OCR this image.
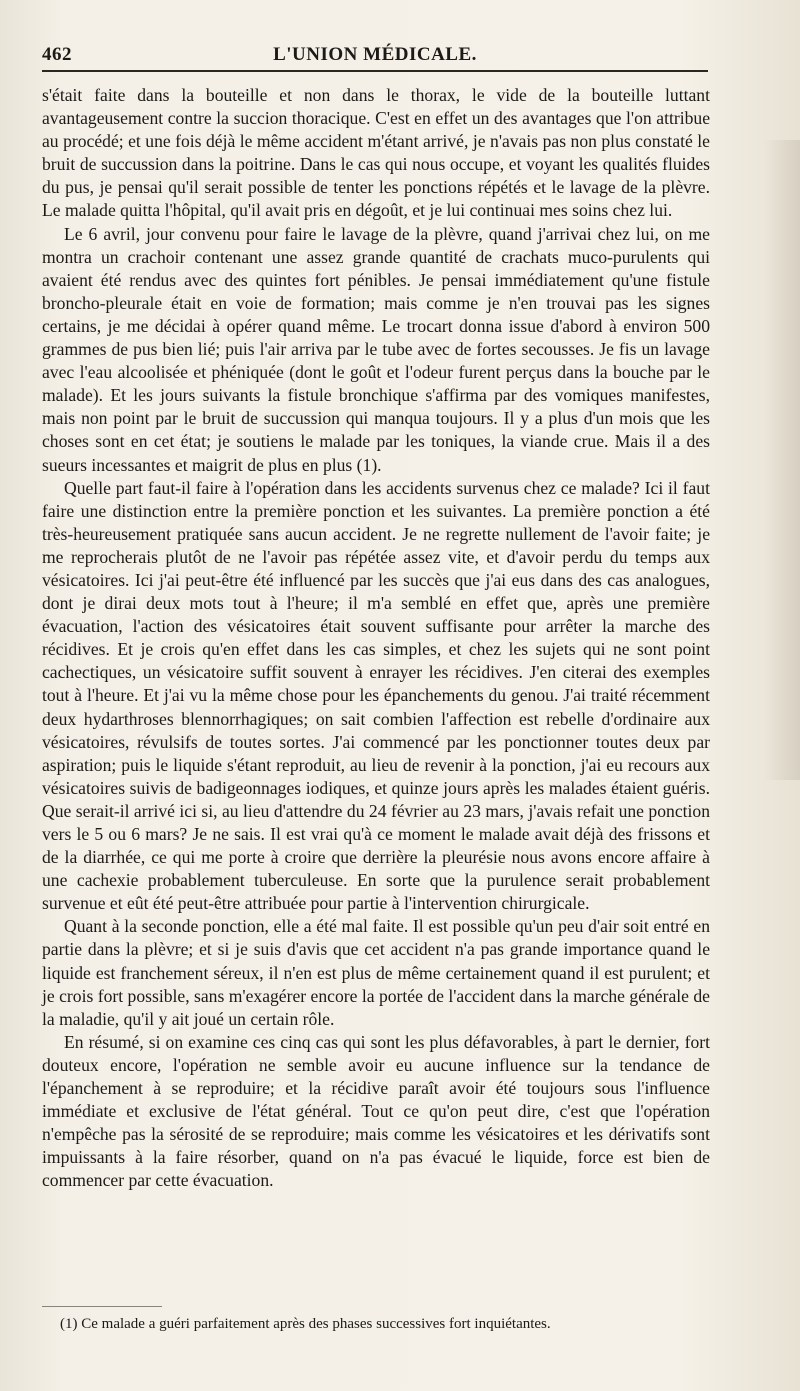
462	L'UNION MÉDICALE.

s'était faite dans la bouteille et non dans le thorax, le vide de la bouteille luttant avantageusement contre la succion thoracique. C'est en effet un des avantages que l'on attribue au procédé; et une fois déjà le même accident m'étant arrivé, je n'avais pas non plus constaté le bruit de succussion dans la poitrine. Dans le cas qui nous occupe, et voyant les qualités fluides du pus, je pensai qu'il serait possible de tenter les ponctions répétés et le lavage de la plèvre. Le malade quitta l'hôpital, qu'il avait pris en dégoût, et je lui continuai mes soins chez lui.

Le 6 avril, jour convenu pour faire le lavage de la plèvre, quand j'arrivai chez lui, on me montra un crachoir contenant une assez grande quantité de crachats muco-purulents qui avaient été rendus avec des quintes fort pénibles. Je pensai immédiatement qu'une fistule broncho-pleurale était en voie de formation; mais comme je n'en trouvai pas les signes certains, je me décidai à opérer quand même. Le trocart donna issue d'abord à environ 500 grammes de pus bien lié; puis l'air arriva par le tube avec de fortes secousses. Je fis un lavage avec l'eau alcoolisée et phéniquée (dont le goût et l'odeur furent perçus dans la bouche par le malade). Et les jours suivants la fistule bronchique s'affirma par des vomiques manifestes, mais non point par le bruit de succussion qui manqua toujours. Il y a plus d'un mois que les choses sont en cet état; je soutiens le malade par les toniques, la viande crue. Mais il a des sueurs incessantes et maigrit de plus en plus (1).

Quelle part faut-il faire à l'opération dans les accidents survenus chez ce malade? Ici il faut faire une distinction entre la première ponction et les suivantes. La première ponction a été très-heureusement pratiquée sans aucun accident. Je ne regrette nullement de l'avoir faite; je me reprocherais plutôt de ne l'avoir pas répétée assez vite, et d'avoir perdu du temps aux vésicatoires. Ici j'ai peut-être été influencé par les succès que j'ai eus dans des cas analogues, dont je dirai deux mots tout à l'heure; il m'a semblé en effet que, après une première évacuation, l'action des vésicatoires était souvent suffisante pour arrêter la marche des récidives. Et je crois qu'en effet dans les cas simples, et chez les sujets qui ne sont point cachectiques, un vésicatoire suffit souvent à enrayer les récidives. J'en citerai des exemples tout à l'heure. Et j'ai vu la même chose pour les épanchements du genou. J'ai traité récemment deux hydarthroses blennorrhagiques; on sait combien l'affection est rebelle d'ordinaire aux vésicatoires, révulsifs de toutes sortes. J'ai commencé par les ponctionner toutes deux par aspiration; puis le liquide s'étant reproduit, au lieu de revenir à la ponction, j'ai eu recours aux vésicatoires suivis de badigeonnages iodiques, et quinze jours après les malades étaient guéris. Que serait-il arrivé ici si, au lieu d'attendre du 24 février au 23 mars, j'avais refait une ponction vers le 5 ou 6 mars? Je ne sais. Il est vrai qu'à ce moment le malade avait déjà des frissons et de la diarrhée, ce qui me porte à croire que derrière la pleurésie nous avons encore affaire à une cachexie probablement tuberculeuse. En sorte que la purulence serait probablement survenue et eût été peut-être attribuée pour partie à l'intervention chirurgicale.

Quant à la seconde ponction, elle a été mal faite. Il est possible qu'un peu d'air soit entré en partie dans la plèvre; et si je suis d'avis que cet accident n'a pas grande importance quand le liquide est franchement séreux, il n'en est plus de même certainement quand il est purulent; et je crois fort possible, sans m'exagérer encore la portée de l'accident dans la marche générale de la maladie, qu'il y ait joué un certain rôle.

En résumé, si on examine ces cinq cas qui sont les plus défavorables, à part le dernier, fort douteux encore, l'opération ne semble avoir eu aucune influence sur la tendance de l'épanchement à se reproduire; et la récidive paraît avoir été toujours sous l'influence immédiate et exclusive de l'état général. Tout ce qu'on peut dire, c'est que l'opération n'empêche pas la sérosité de se reproduire; mais comme les vésicatoires et les dérivatifs sont impuissants à la faire résorber, quand on n'a pas évacué le liquide, force est bien de commencer par cette évacuation.

(1) Ce malade a guéri parfaitement après des phases successives fort inquiétantes.
